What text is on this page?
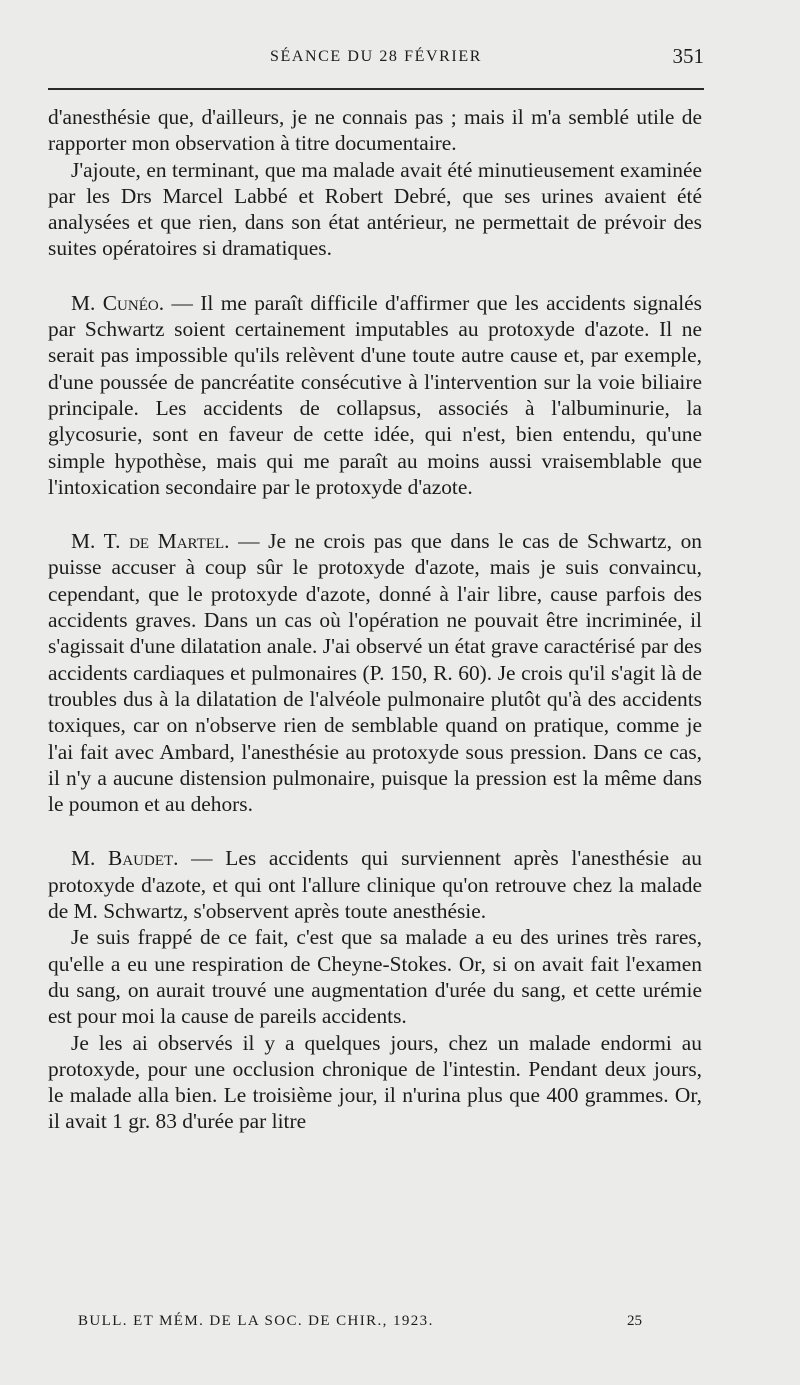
SÉANCE DU 28 FÉVRIER	351

d'anesthésie que, d'ailleurs, je ne connais pas ; mais il m'a semblé utile de rapporter mon observation à titre documentaire.

J'ajoute, en terminant, que ma malade avait été minutieusement examinée par les Drs Marcel Labbé et Robert Debré, que ses urines avaient été analysées et que rien, dans son état antérieur, ne permettait de prévoir des suites opératoires si dramatiques.

M. Cunéo. — Il me paraît difficile d'affirmer que les accidents signalés par Schwartz soient certainement imputables au protoxyde d'azote. Il ne serait pas impossible qu'ils relèvent d'une toute autre cause et, par exemple, d'une poussée de pancréatite consécutive à l'intervention sur la voie biliaire principale. Les accidents de collapsus, associés à l'albuminurie, la glycosurie, sont en faveur de cette idée, qui n'est, bien entendu, qu'une simple hypothèse, mais qui me paraît au moins aussi vraisemblable que l'intoxication secondaire par le protoxyde d'azote.

M. T. de Martel. — Je ne crois pas que dans le cas de Schwartz, on puisse accuser à coup sûr le protoxyde d'azote, mais je suis convaincu, cependant, que le protoxyde d'azote, donné à l'air libre, cause parfois des accidents graves. Dans un cas où l'opération ne pouvait être incriminée, il s'agissait d'une dilatation anale. J'ai observé un état grave caractérisé par des accidents cardiaques et pulmonaires (P. 150, R. 60). Je crois qu'il s'agit là de troubles dus à la dilatation de l'alvéole pulmonaire plutôt qu'à des accidents toxiques, car on n'observe rien de semblable quand on pratique, comme je l'ai fait avec Ambard, l'anesthésie au protoxyde sous pression. Dans ce cas, il n'y a aucune distension pulmonaire, puisque la pression est la même dans le poumon et au dehors.

M. Baudet. — Les accidents qui surviennent après l'anesthésie au protoxyde d'azote, et qui ont l'allure clinique qu'on retrouve chez la malade de M. Schwartz, s'observent après toute anesthésie.

Je suis frappé de ce fait, c'est que sa malade a eu des urines très rares, qu'elle a eu une respiration de Cheyne-Stokes. Or, si on avait fait l'examen du sang, on aurait trouvé une augmentation d'urée du sang, et cette urémie est pour moi la cause de pareils accidents.

Je les ai observés il y a quelques jours, chez un malade endormi au protoxyde, pour une occlusion chronique de l'intestin. Pendant deux jours, le malade alla bien. Le troisième jour, il n'urina plus que 400 grammes. Or, il avait 1 gr. 83 d'urée par litre

BULL. ET MÉM. DE LA SOC. DE CHIR., 1923.	25
